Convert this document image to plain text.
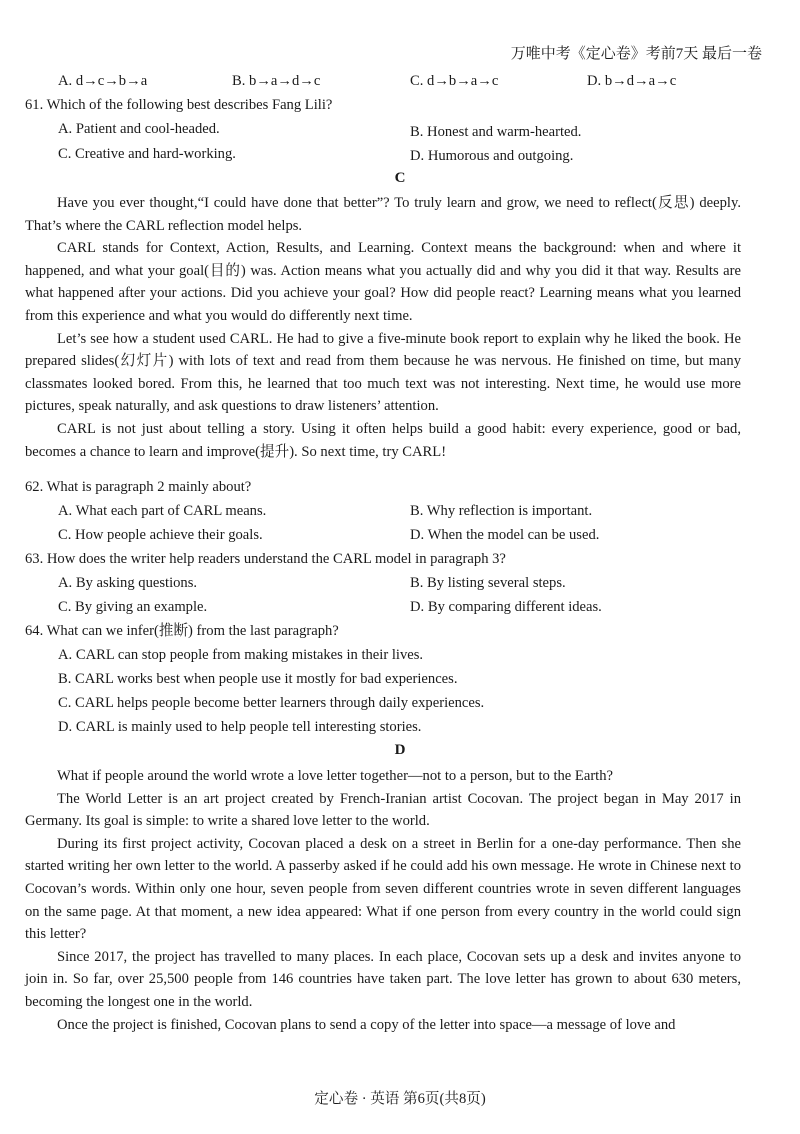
万唯中考《定心卷》考前7天 最后一卷
A. d→c→b→a	B. b→a→d→c	C. d→b→a→c	D. b→d→a→c
61. Which of the following best describes Fang Lili?
A. Patient and cool-headed.	B. Honest and warm-hearted.
C. Creative and hard-working.	D. Humorous and outgoing.
C

Have you ever thought,“I could have done that better”? To truly learn and grow, we need to reflect(反思) deeply. That’s where the CARL reflection model helps.

CARL stands for Context, Action, Results, and Learning. Context means the background: when and where it happened, and what your goal(目的) was. Action means what you actually did and why you did it that way. Results are what happened after your actions. Did you achieve your goal? How did people react? Learning means what you learned from this experience and what you would do differently next time.

Let’s see how a student used CARL. He had to give a five-minute book report to explain why he liked the book. He prepared slides(幻灯片) with lots of text and read from them because he was nervous. He finished on time, but many classmates looked bored. From this, he learned that too much text was not interesting. Next time, he would use more pictures, speak naturally, and ask questions to draw listeners’ attention.

CARL is not just about telling a story. Using it often helps build a good habit: every experience, good or bad, becomes a chance to learn and improve(提升). So next time, try CARL!

62. What is paragraph 2 mainly about?
A. What each part of CARL means.	B. Why reflection is important.
C. How people achieve their goals.	D. When the model can be used.
63. How does the writer help readers understand the CARL model in paragraph 3?
A. By asking questions.	B. By listing several steps.
C. By giving an example.	D. By comparing different ideas.
64. What can we infer(推断) from the last paragraph?
A. CARL can stop people from making mistakes in their lives.
B. CARL works best when people use it mostly for bad experiences.
C. CARL helps people become better learners through daily experiences.
D. CARL is mainly used to help people tell interesting stories.
D

What if people around the world wrote a love letter together—not to a person, but to the Earth?

The World Letter is an art project created by French-Iranian artist Cocovan. The project began in May 2017 in Germany. Its goal is simple: to write a shared love letter to the world.

During its first project activity, Cocovan placed a desk on a street in Berlin for a one-day performance. Then she started writing her own letter to the world. A passerby asked if he could add his own message. He wrote in Chinese next to Cocovan’s words. Within only one hour, seven people from seven different countries wrote in seven different languages on the same page. At that moment, a new idea appeared: What if one person from every country in the world could sign this letter?

Since 2017, the project has travelled to many places. In each place, Cocovan sets up a desk and invites anyone to join in. So far, over 25,500 people from 146 countries have taken part. The love letter has grown to about 630 meters, becoming the longest one in the world.

Once the project is finished, Cocovan plans to send a copy of the letter into space—a message of love and

定心卷 · 英语 第6页(共8页)
